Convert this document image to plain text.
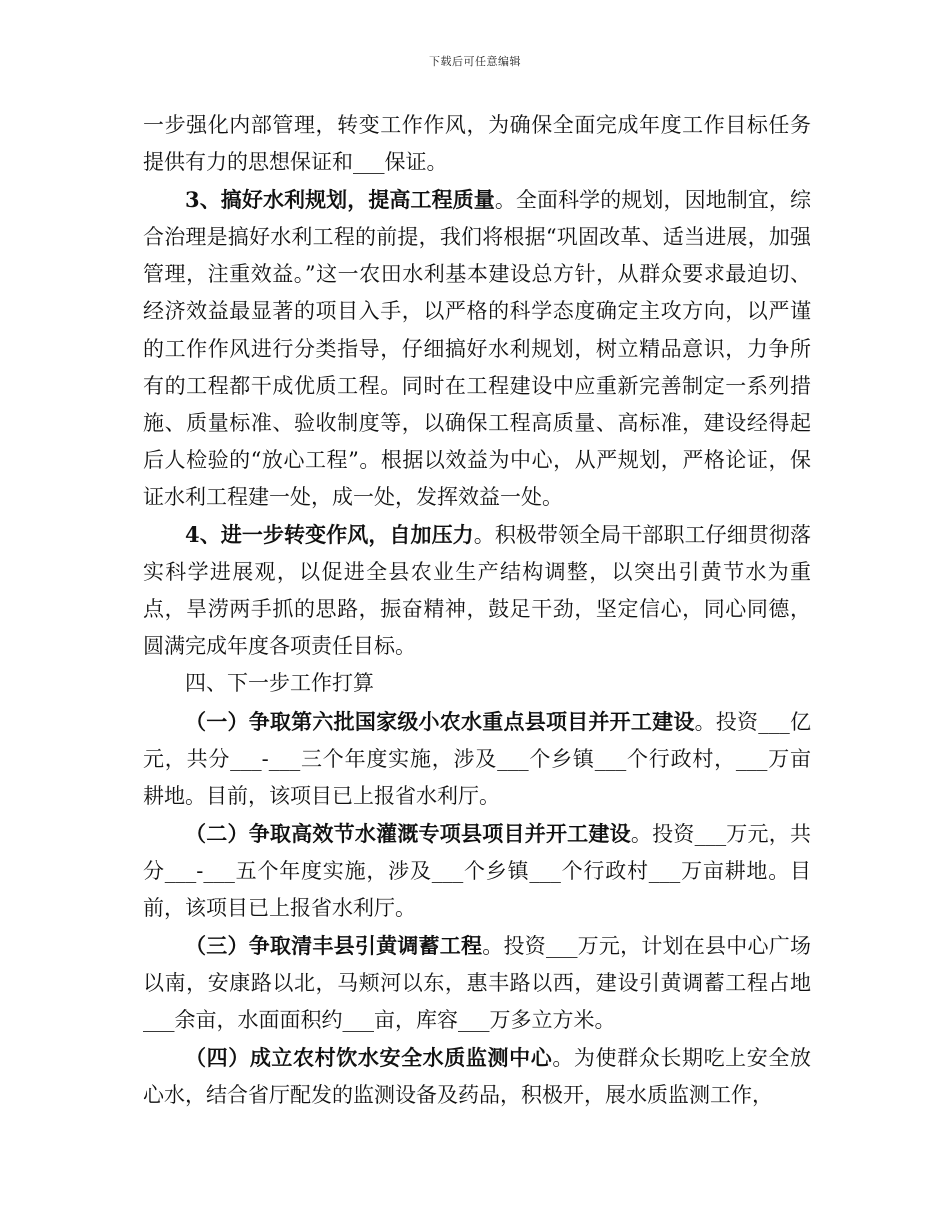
下载后可任意编辑

一步强化内部管理，转变工作作风，为确保全面完成年度工作目标任务提供有力的思想保证和___保证。

3、搞好水利规划，提高工程质量。全面科学的规划，因地制宜，综合治理是搞好水利工程的前提，我们将根据“巩固改革、适当进展，加强管理，注重效益。”这一农田水利基本建设总方针，从群众要求最迫切、经济效益最显著的项目入手，以严格的科学态度确定主攻方向，以严谨的工作作风进行分类指导，仔细搞好水利规划，树立精品意识，力争所有的工程都干成优质工程。同时在工程建设中应重新完善制定一系列措施、质量标准、验收制度等，以确保工程高质量、高标准，建设经得起后人检验的“放心工程”。根据以效益为中心，从严规划，严格论证，保证水利工程建一处，成一处，发挥效益一处。

4、进一步转变作风，自加压力。积极带领全局干部职工仔细贯彻落实科学进展观，以促进全县农业生产结构调整，以突出引黄节水为重点，旱涝两手抓的思路，振奋精神，鼓足干劲，坚定信心，同心同德，圆满完成年度各项责任目标。

四、下一步工作打算

（一）争取第六批国家级小农水重点县项目并开工建设。投资___亿元，共分___-___三个年度实施，涉及___个乡镇___个行政村，___万亩耕地。目前，该项目已上报省水利厅。

（二）争取高效节水灌溉专项县项目并开工建设。投资___万元，共分___-___五个年度实施，涉及___个乡镇___个行政村___万亩耕地。目前，该项目已上报省水利厅。

（三）争取清丰县引黄调蓄工程。投资___万元，计划在县中心广场以南，安康路以北，马颊河以东，惠丰路以西，建设引黄调蓄工程占地___余亩，水面面积约___亩，库容___万多立方米。

（四）成立农村饮水安全水质监测中心。为使群众长期吃上安全放心水，结合省厅配发的监测设备及药品，积极开，展水质监测工作，
